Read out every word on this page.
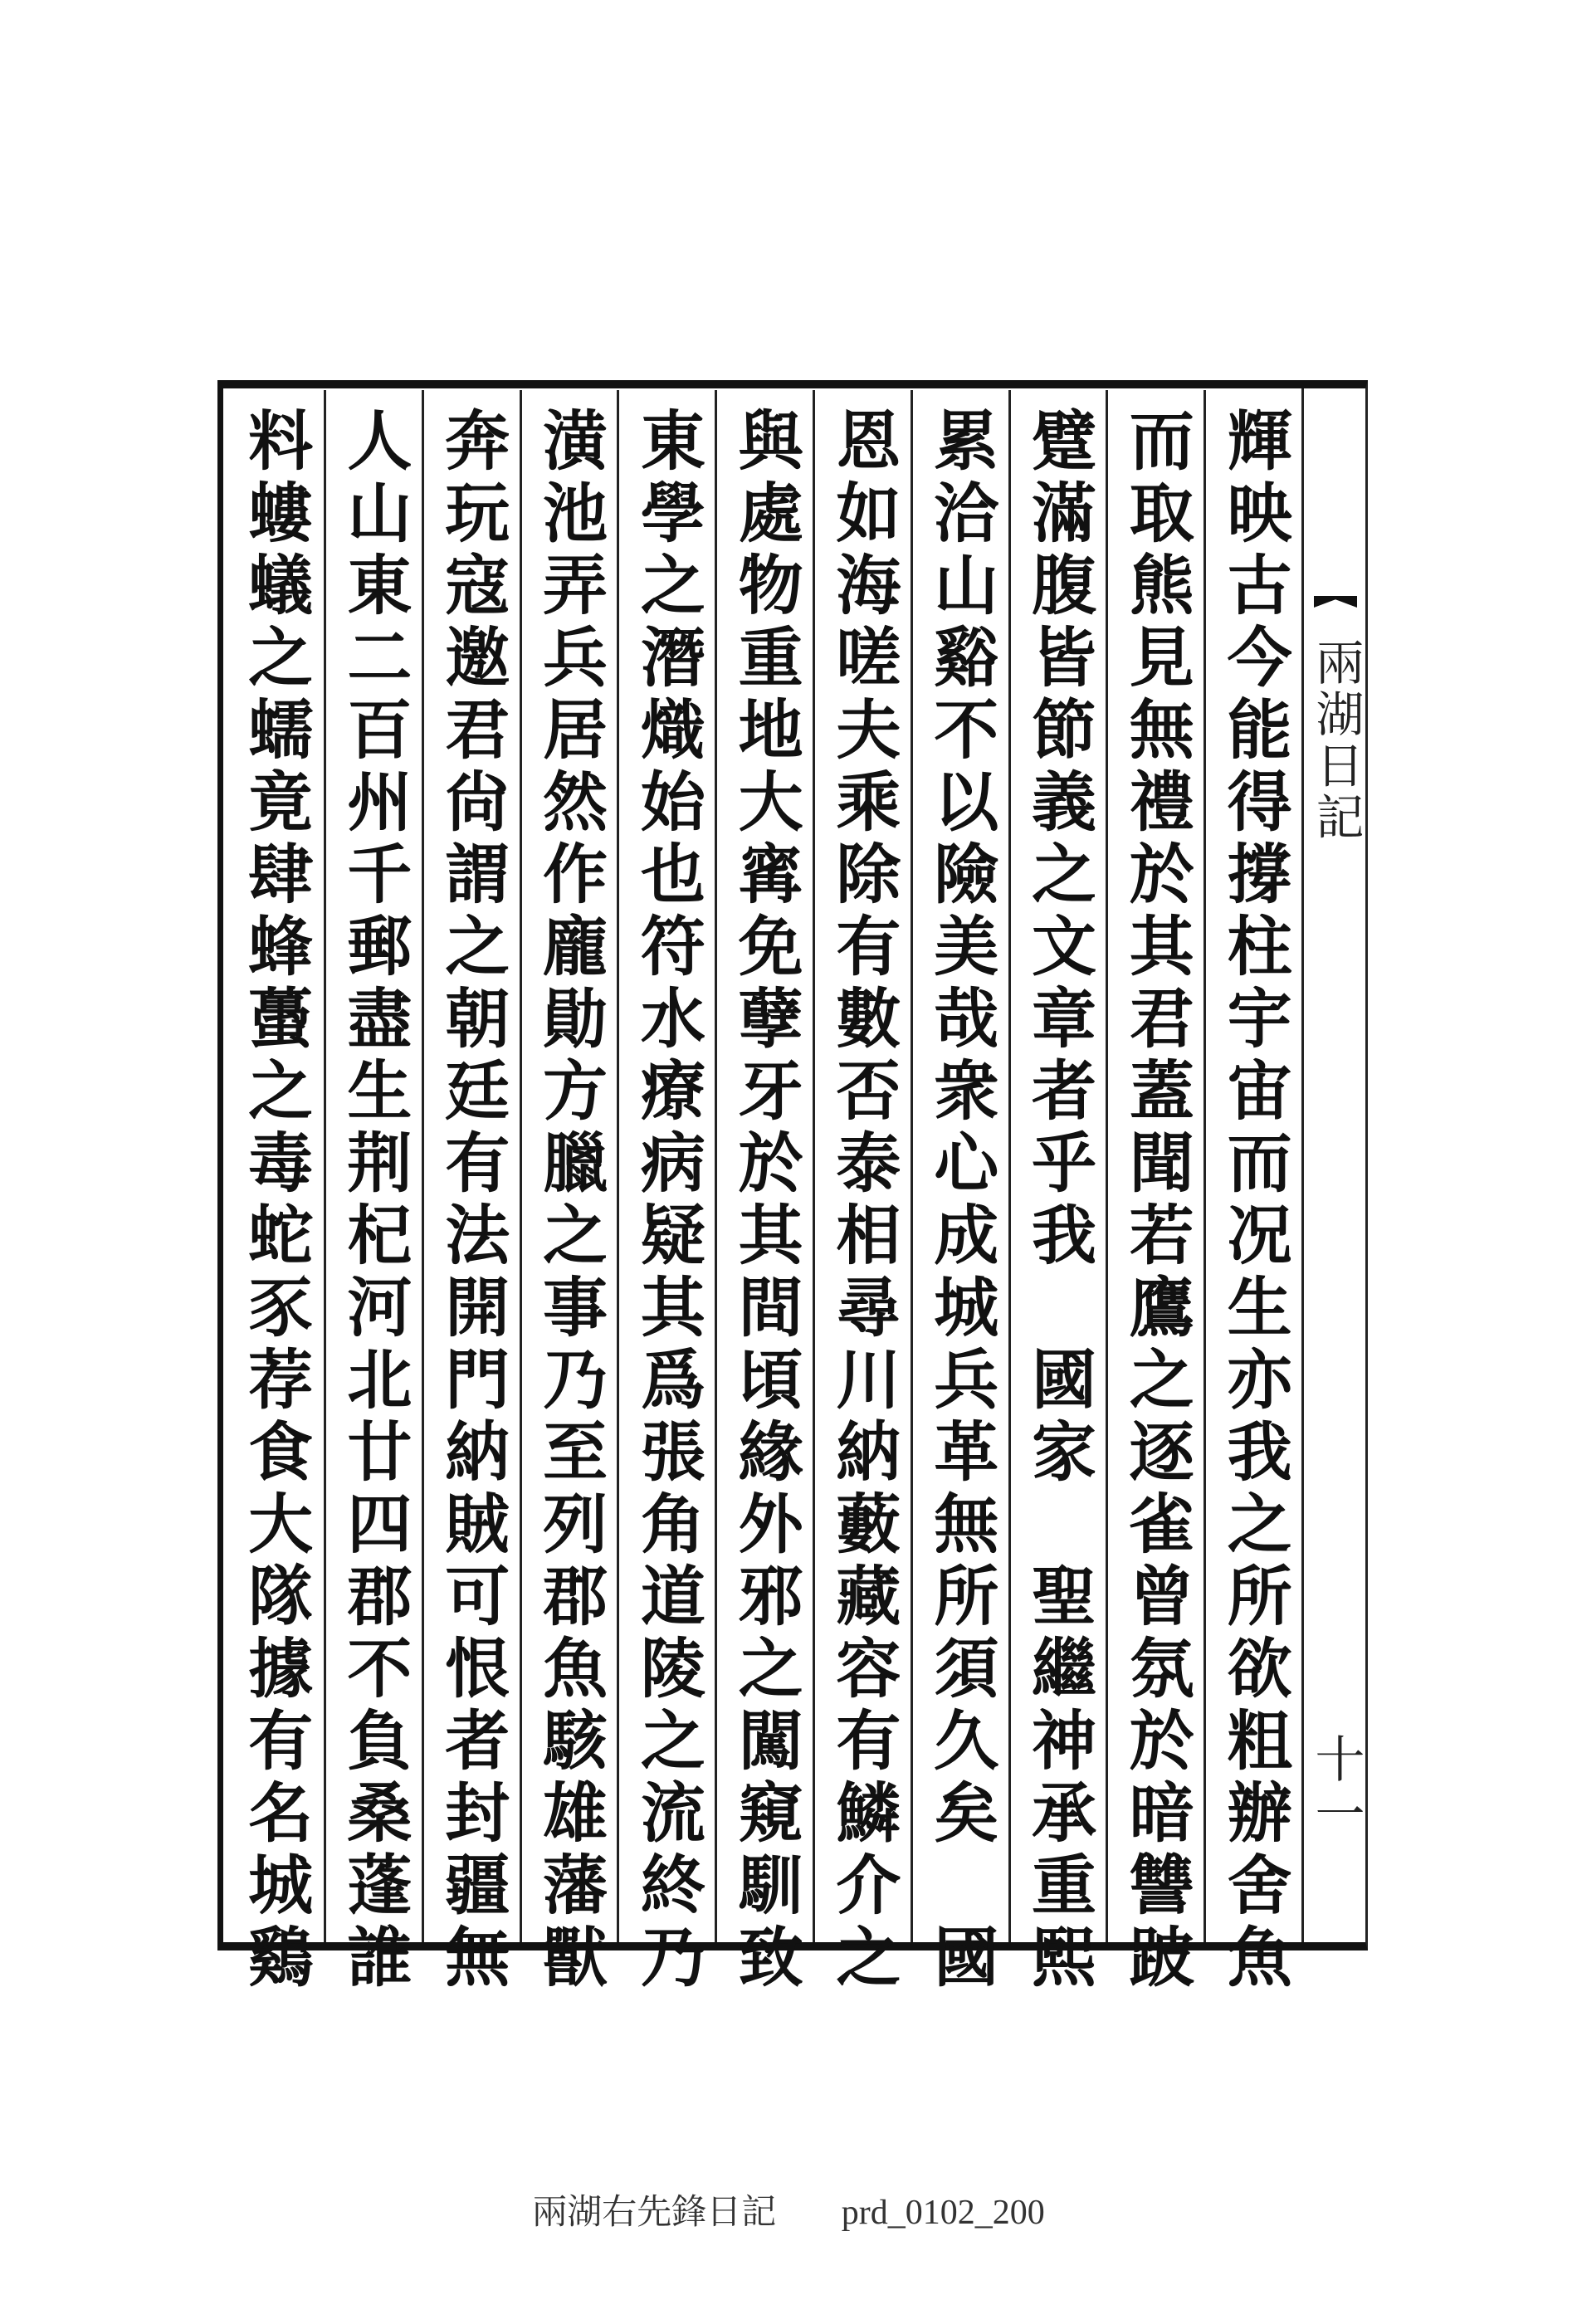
輝映古今能得撐柱宇宙而况生亦我之所欲粗辦舍魚
而取熊見無禮於其君蓋聞若鷹之逐雀曾氛於暗讐跛
躄滿腹皆節義之文章者乎我　國家　聖繼神承重熙
累洽山谿不以險美哉衆心成城兵革無所須久矣　國
恩如海嗟夫乘除有數否泰相尋川納藪藏容有鱗介之
與處物重地大寗免孽牙於其間頃緣外邪之闖窺馴致
東學之潛熾始也符水療病疑其爲張角道陵之流終乃
潢池弄兵居然作龐勛方臘之事乃至列郡魚駭雄藩獸
奔玩寇邀君尙謂之朝廷有法開門納賊可恨者封疆無
人山東二百州千郵盡生荆杞河北廿四郡不負桑蓬誰
料螻蟻之蠕竟肆蜂蠆之毒蛇豕荐食大隊據有名城鷄	兩湖日記
十一
兩湖右先鋒日記 prd_0102_200
